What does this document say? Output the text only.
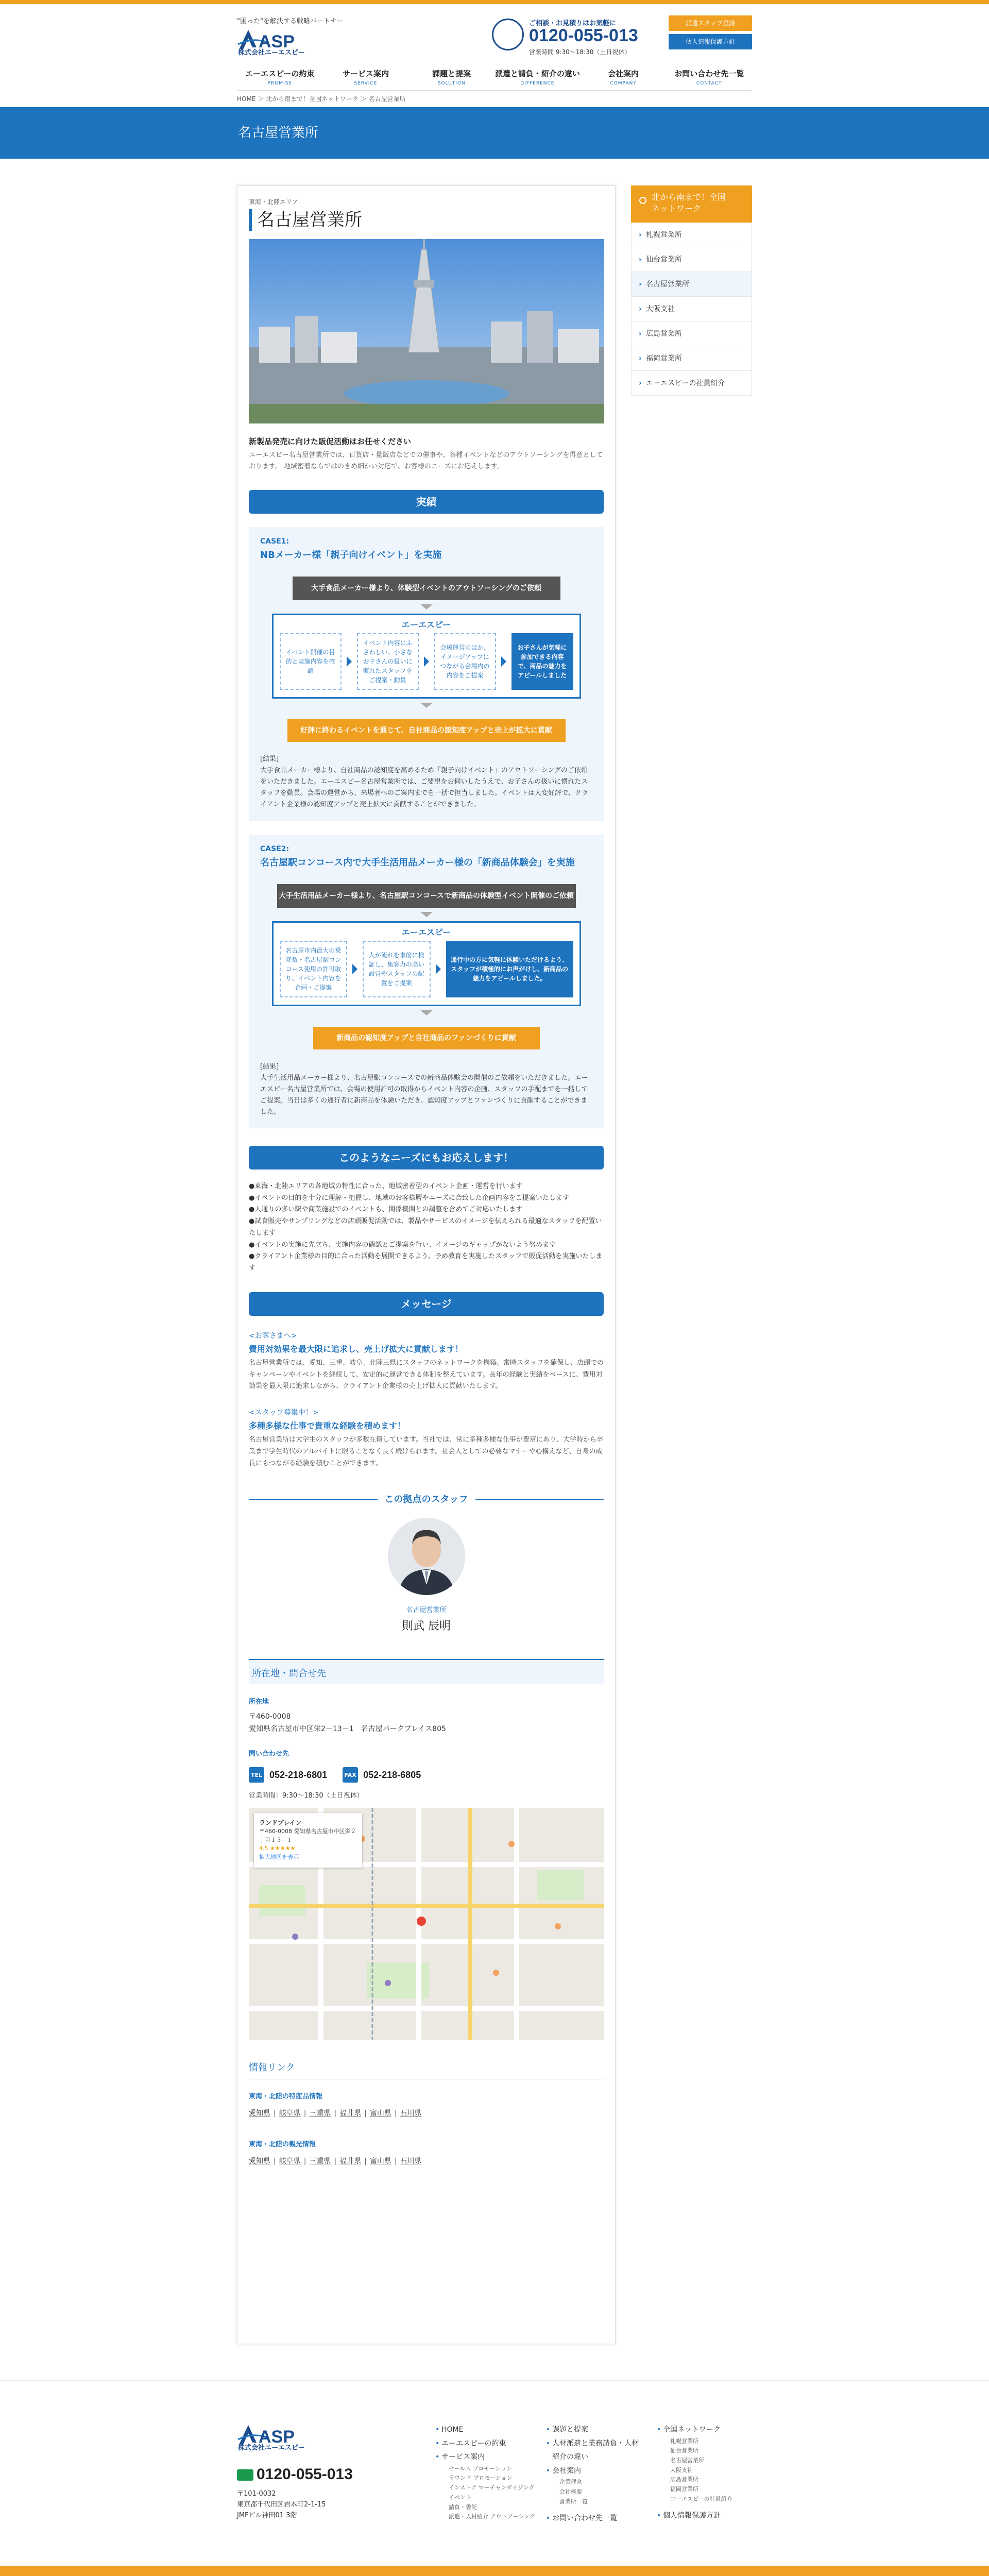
"困った"を解決する戦略パートナー
ASP
株式会社エーエスピー
ご相談・お見積りはお気軽に
0120-055-013
営業時間 9:30～18:30（土日祝休）
派遣スタッフ登録
個人情報保護方針
エーエスピーの約束
PROMISE
サービス案内
SERVICE
課題と提案
SOLUTION
派遣と請負・紹介の違い
DIFFERENCE
会社案内
COMPANY
お問い合わせ先一覧
CONTACT
HOME ＞ 北から南まで！全国ネットワーク ＞ 名古屋営業所
名古屋営業所
東海・北陸エリア
名古屋営業所
新製品発売に向けた販促活動はお任せください
エーエスピー名古屋営業所では、百貨店・量販店などでの催事や、各種イベントなどのアウトソーシングを得意としております。 地域密着ならではのきめ細かい対応で、お客様のニーズにお応えします。
実績
CASE1:
NBメーカー様「親子向けイベント」を実施
大手食品メーカー様より、体験型イベントのアウトソーシングのご依頼
エーエスピー
イベント開催の目的と実施内容を確認
イベント内容にふさわしい、小さなお子さんの扱いに慣れたスタッフをご提案・動員
会場運営のほか、イメージアップにつながる会場内の内容をご提案
お子さんが気軽に参加できる内容で、商品の魅力をアピールしました
好評に終わるイベントを通じて、自社商品の認知度アップと売上が拡大に貢献
[結果]
大手食品メーカー様より、自社商品の認知度を高めるため「親子向けイベント」のアウトソーシングのご依頼をいただきました。エーエスピー名古屋営業所では、ご要望をお伺いしたうえで、お子さんの扱いに慣れたスタッフを動員。会場の運営から、来場者へのご案内までを一括で担当しました。イベントは大変好評で、クライアント企業様の認知度アップと売上拡大に貢献することができました。
CASE2:
名古屋駅コンコース内で大手生活用品メーカー様の「新商品体験会」を実施
大手生活用品メーカー様より、名古屋駅コンコースで新商品の体験型イベント開催のご依頼
エーエスピー
名古屋市内最大の乗降数・名古屋駅コンコース使用の許可取り、イベント内容を企画・ご提案
人が流れを事前に検証し、集客力の高い設営やスタッフの配置をご提案
通行中の方に気軽に体験いただけるよう、スタッフが積極的にお声がけし、新商品の魅力をアピールしました。
新商品の認知度アップと自社商品のファンづくりに貢献
[結果]
大手生活用品メーカー様より、名古屋駅コンコースでの新商品体験会の開催のご依頼をいただきました。エーエスピー名古屋営業所では、会場の使用許可の取得からイベント内容の企画、スタッフの手配までを一括してご提案。当日は多くの通行者に新商品を体験いただき、認知度アップとファンづくりに貢献することができました。
このようなニーズにもお応えします！
●東海・北陸エリアの各地域の特性に合った、地域密着型のイベント企画・運営を行います
●イベントの目的を十分に理解・把握し、地域のお客様層やニーズに合致した企画内容をご提案いたします
●人通りの多い駅や商業施設でのイベントも、関係機関との調整を含めてご対応いたします
●試食販売やサンプリングなどの店頭販促活動では、製品やサービスのイメージを伝えられる最適なスタッフを配置いたします
●イベントの実施に先立ち、実施内容の確認とご提案を行い、イメージのギャップがないよう努めます
●クライアント企業様の目的に合った活動を展開できるよう、予め教育を実施したスタッフで販促活動を実施いたします
メッセージ
<お客さまへ>
費用対効果を最大限に追求し、売上げ拡大に貢献します！
名古屋営業所では、愛知、三重、岐阜、北陸三県にスタッフのネットワークを構築。常時スタッフを確保し、店頭でのキャンペーンやイベントを継続して、安定的に運営できる体制を整えています。長年の経験と実績をベースに、費用対効果を最大限に追求しながら、クライアント企業様の売上げ拡大に貢献いたします。
<スタッフ募集中！>
多種多様な仕事で貴重な経験を積めます！
名古屋営業所は大学生のスタッフが多数在籍しています。当社では、常に多種多様な仕事が豊富にあり、大学時から卒業まで学生時代のアルバイトに限ることなく長く続けられます。社会人としての必要なマナーや心構えなど、自身の成長にもつながる経験を積むことができます。
この拠点のスタッフ
名古屋営業所
則武 辰明
所在地・問合せ先
所在地
〒460-0008
愛知県名古屋市中区栄2－13－1　名古屋パークプレイス805
問い合わせ先
TEL 052-218-6801	FAX 052-218-6805
営業時間：9:30～18:30（土日祝休）
ランドプレイン
〒460-0008 愛知県名古屋市中区栄２丁目１３−１
4.5 ★★★★★
拡大地図を表示
情報リンク
東海・北陸の特産品情報
愛知県 | 岐阜県 | 三重県 | 福井県 | 富山県 | 石川県
東海・北陸の観光情報
愛知県 | 岐阜県 | 三重県 | 福井県 | 富山県 | 石川県
北から南まで！全国ネットワーク
› 札幌営業所
› 仙台営業所
› 名古屋営業所
› 大阪支社
› 広島営業所
› 福岡営業所
› エーエスピーの社員紹介
ASP
株式会社エーエスピー
0120-055-013
〒101-0032
東京都千代田区岩本町2-1-15
JMFビル神田01 3階
• HOME
• エーエスピーの約束
• サービス案内
セールス プロモーション
ラウンド プロモーション
インストア マーチャンダイジング
イベント
請負・委託
派遣・人材紹介 アウトソーシング
• 課題と提案
• 人材派遣と業務請負・人材紹介の違い
• 会社案内
企業理念
会社概要
営業所一覧
• お問い合わせ先一覧
• 全国ネットワーク
札幌営業所
仙台営業所
名古屋営業所
大阪支社
広島営業所
福岡営業所
エーエスピーの社員紹介
• 個人情報保護方針
